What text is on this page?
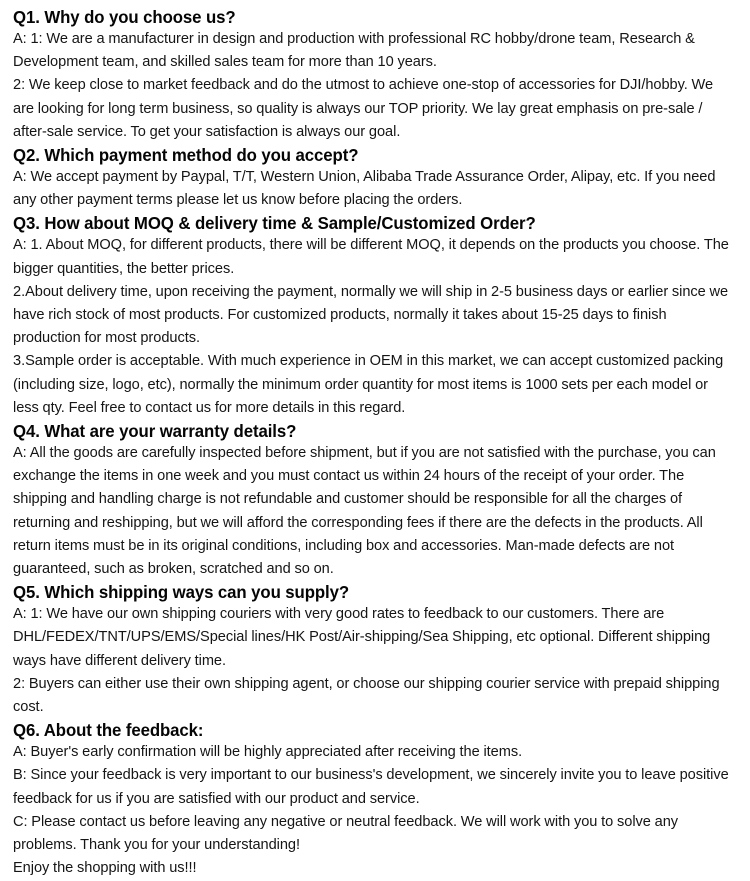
Q1. Why do you choose us?

A: 1: We are a manufacturer in design and production with professional RC hobby/drone team, Research & Development team, and skilled sales team for more than 10 years.

2: We keep close to market feedback and do the utmost to achieve one-stop of accessories for DJI/hobby. We are looking for long term business, so quality is always our TOP priority. We lay great emphasis on pre-sale / after-sale service. To get your satisfaction is always our goal.

Q2. Which payment method do you accept?

A: We accept payment by Paypal, T/T, Western Union, Alibaba Trade Assurance Order, Alipay, etc. If you need any other payment terms please let us know before placing the orders.

Q3. How about MOQ & delivery time & Sample/Customized Order?

A: 1. About MOQ, for different products, there will be different MOQ, it depends on the products you choose. The bigger quantities, the better prices.

2.About delivery time, upon receiving the payment, normally we will ship in 2-5 business days or earlier since we have rich stock of most products. For customized products, normally it takes about 15-25 days to finish production for most products.

3.Sample order is acceptable. With much experience in OEM in this market, we can accept customized packing (including size, logo, etc), normally the minimum order quantity for most items is 1000 sets per each model or less qty. Feel free to contact us for more details in this regard.

Q4. What are your warranty details?

A: All the goods are carefully inspected before shipment, but if you are not satisfied with the purchase, you can exchange the items in one week and you must contact us within 24 hours of the receipt of your order. The shipping and handling charge is not refundable and customer should be responsible for all the charges of returning and reshipping, but we will afford the corresponding fees if there are the defects in the products. All return items must be in its original conditions, including box and accessories. Man-made defects are not guaranteed, such as broken, scratched and so on.

Q5. Which shipping ways can you supply?

A: 1: We have our own shipping couriers with very good rates to feedback to our customers. There are DHL/FEDEX/TNT/UPS/EMS/Special lines/HK Post/Air-shipping/Sea Shipping, etc optional. Different shipping ways have different delivery time.

2: Buyers can either use their own shipping agent, or choose our shipping courier service with prepaid shipping cost.

Q6. About the feedback:

A: Buyer's early confirmation will be highly appreciated after receiving the items.

B: Since your feedback is very important to our business's development, we sincerely invite you to leave positive feedback for us if you are satisfied with our product and service.

C: Please contact us before leaving any negative or neutral feedback. We will work with you to solve any problems. Thank you for your understanding!

Enjoy the shopping with us!!!
